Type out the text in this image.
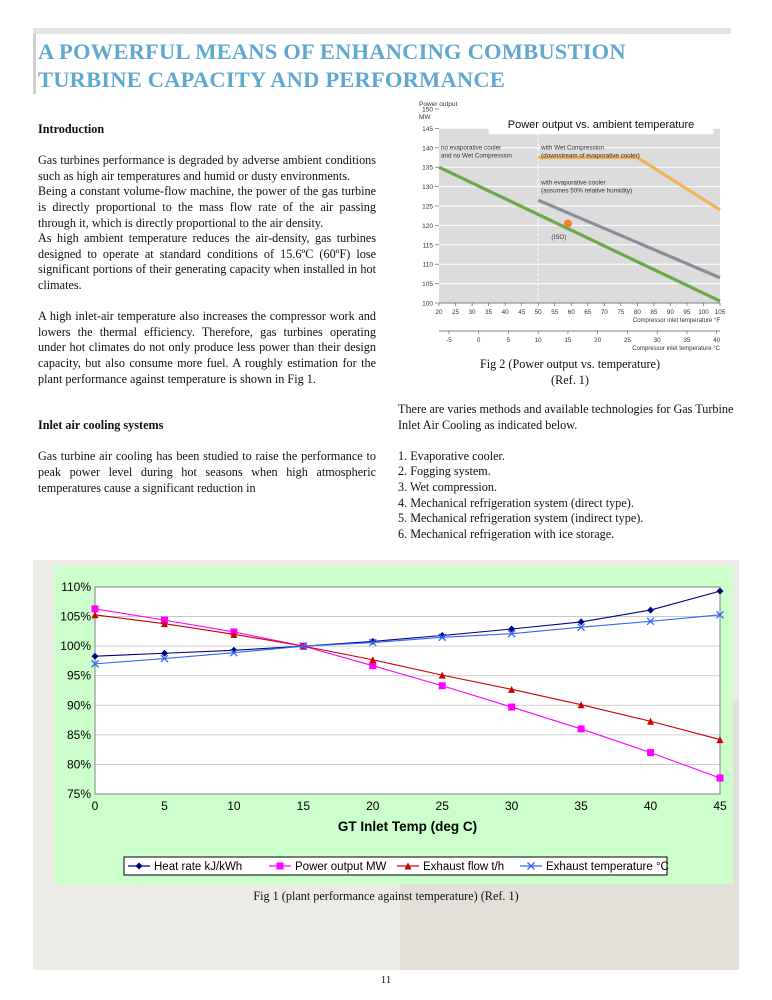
A POWERFUL MEANS OF ENHANCING COMBUSTION TURBINE CAPACITY AND PERFORMANCE

Introduction

Gas turbines performance is degraded by adverse ambient conditions such as high air temperatures and humid or dusty environments.

Being a constant volume-flow machine, the power of the gas turbine is directly proportional to the mass flow rate of the air passing through it, which is directly proportional to the air density.

As high ambient temperature reduces the air-density, gas turbines designed to operate at standard conditions of 15.6ºC (60ºF) lose significant portions of their generating capacity when installed in hot climates.

A high inlet-air temperature also increases the compressor work and lowers the thermal efficiency. Therefore, gas turbines operating under hot climates do not only produce less power than their design capacity, but also consume more fuel. A roughly estimation for the plant performance against temperature is shown in Fig 1.

Inlet air cooling systems

Gas turbine air cooling has been studied to raise the performance to peak power level during hot seasons when high atmospheric temperatures cause a significant reduction in

100
105
110
115
120
125
130
135
140
145
150
Power output
MW
Power output vs. ambient temperature
20 25 30 35 40 45 50 55 60 65 70 75 80 85 90 95 100 105
Compressor inlet temperature °F
-5	0	5	10	15	20	25	30	35	40
Compressor inlet temperature °C
no evaporative cooler
and no Wet Compression
with Wet Compression
(downstream of evaporative cooler)
with evaporative cooler
(assumes 50% relative humidity)
(ISO)
Fig 2 (Power output vs. temperature)
(Ref. 1)

There are varies methods and available technologies for Gas Turbine Inlet Air Cooling as indicated below.

1. Evaporative cooler.

2. Fogging system.

3. Wet compression.

4. Mechanical refrigeration system (direct type).

5. Mechanical refrigeration system (indirect type).

6. Mechanical refrigeration with ice storage.

75%
80%
85%
90%
95%
100%
105%
110%
0	5	10	15	20	25	30	35	40	45
GT Inlet Temp (deg C)
Heat rate kJ/kWh	Power output MW	Exhaust flow t/h	Exhaust temperature °C
Fig 1 (plant performance against temperature) (Ref. 1)
11
